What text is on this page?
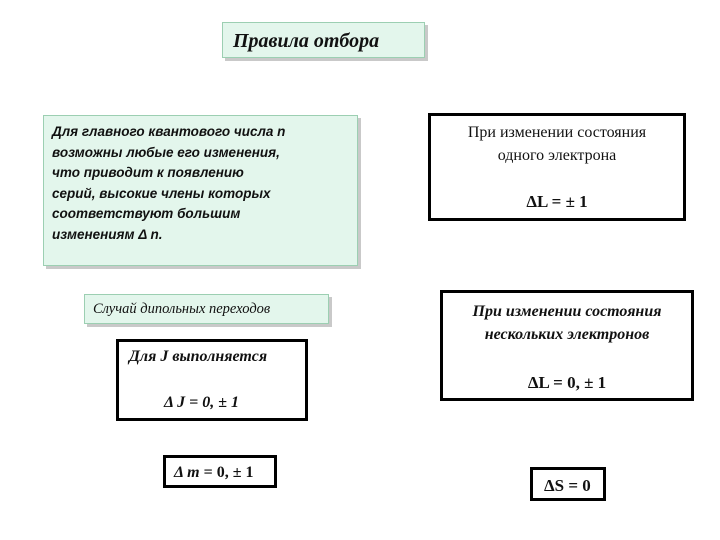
Правила отбора
Для главного квантового числа n
возможны любые его изменения,
что приводит к появлению
серий, высокие члены которых
соответствуют большим
изменениям Δ n.
Случай дипольных переходов
Для J выполняется
Δ J = 0, ± 1
Δ m = 0, ± 1
При изменении состояния
одного электрона
ΔL = ± 1
При изменении состояния
нескольких электронов
ΔL = 0, ± 1
ΔS = 0
